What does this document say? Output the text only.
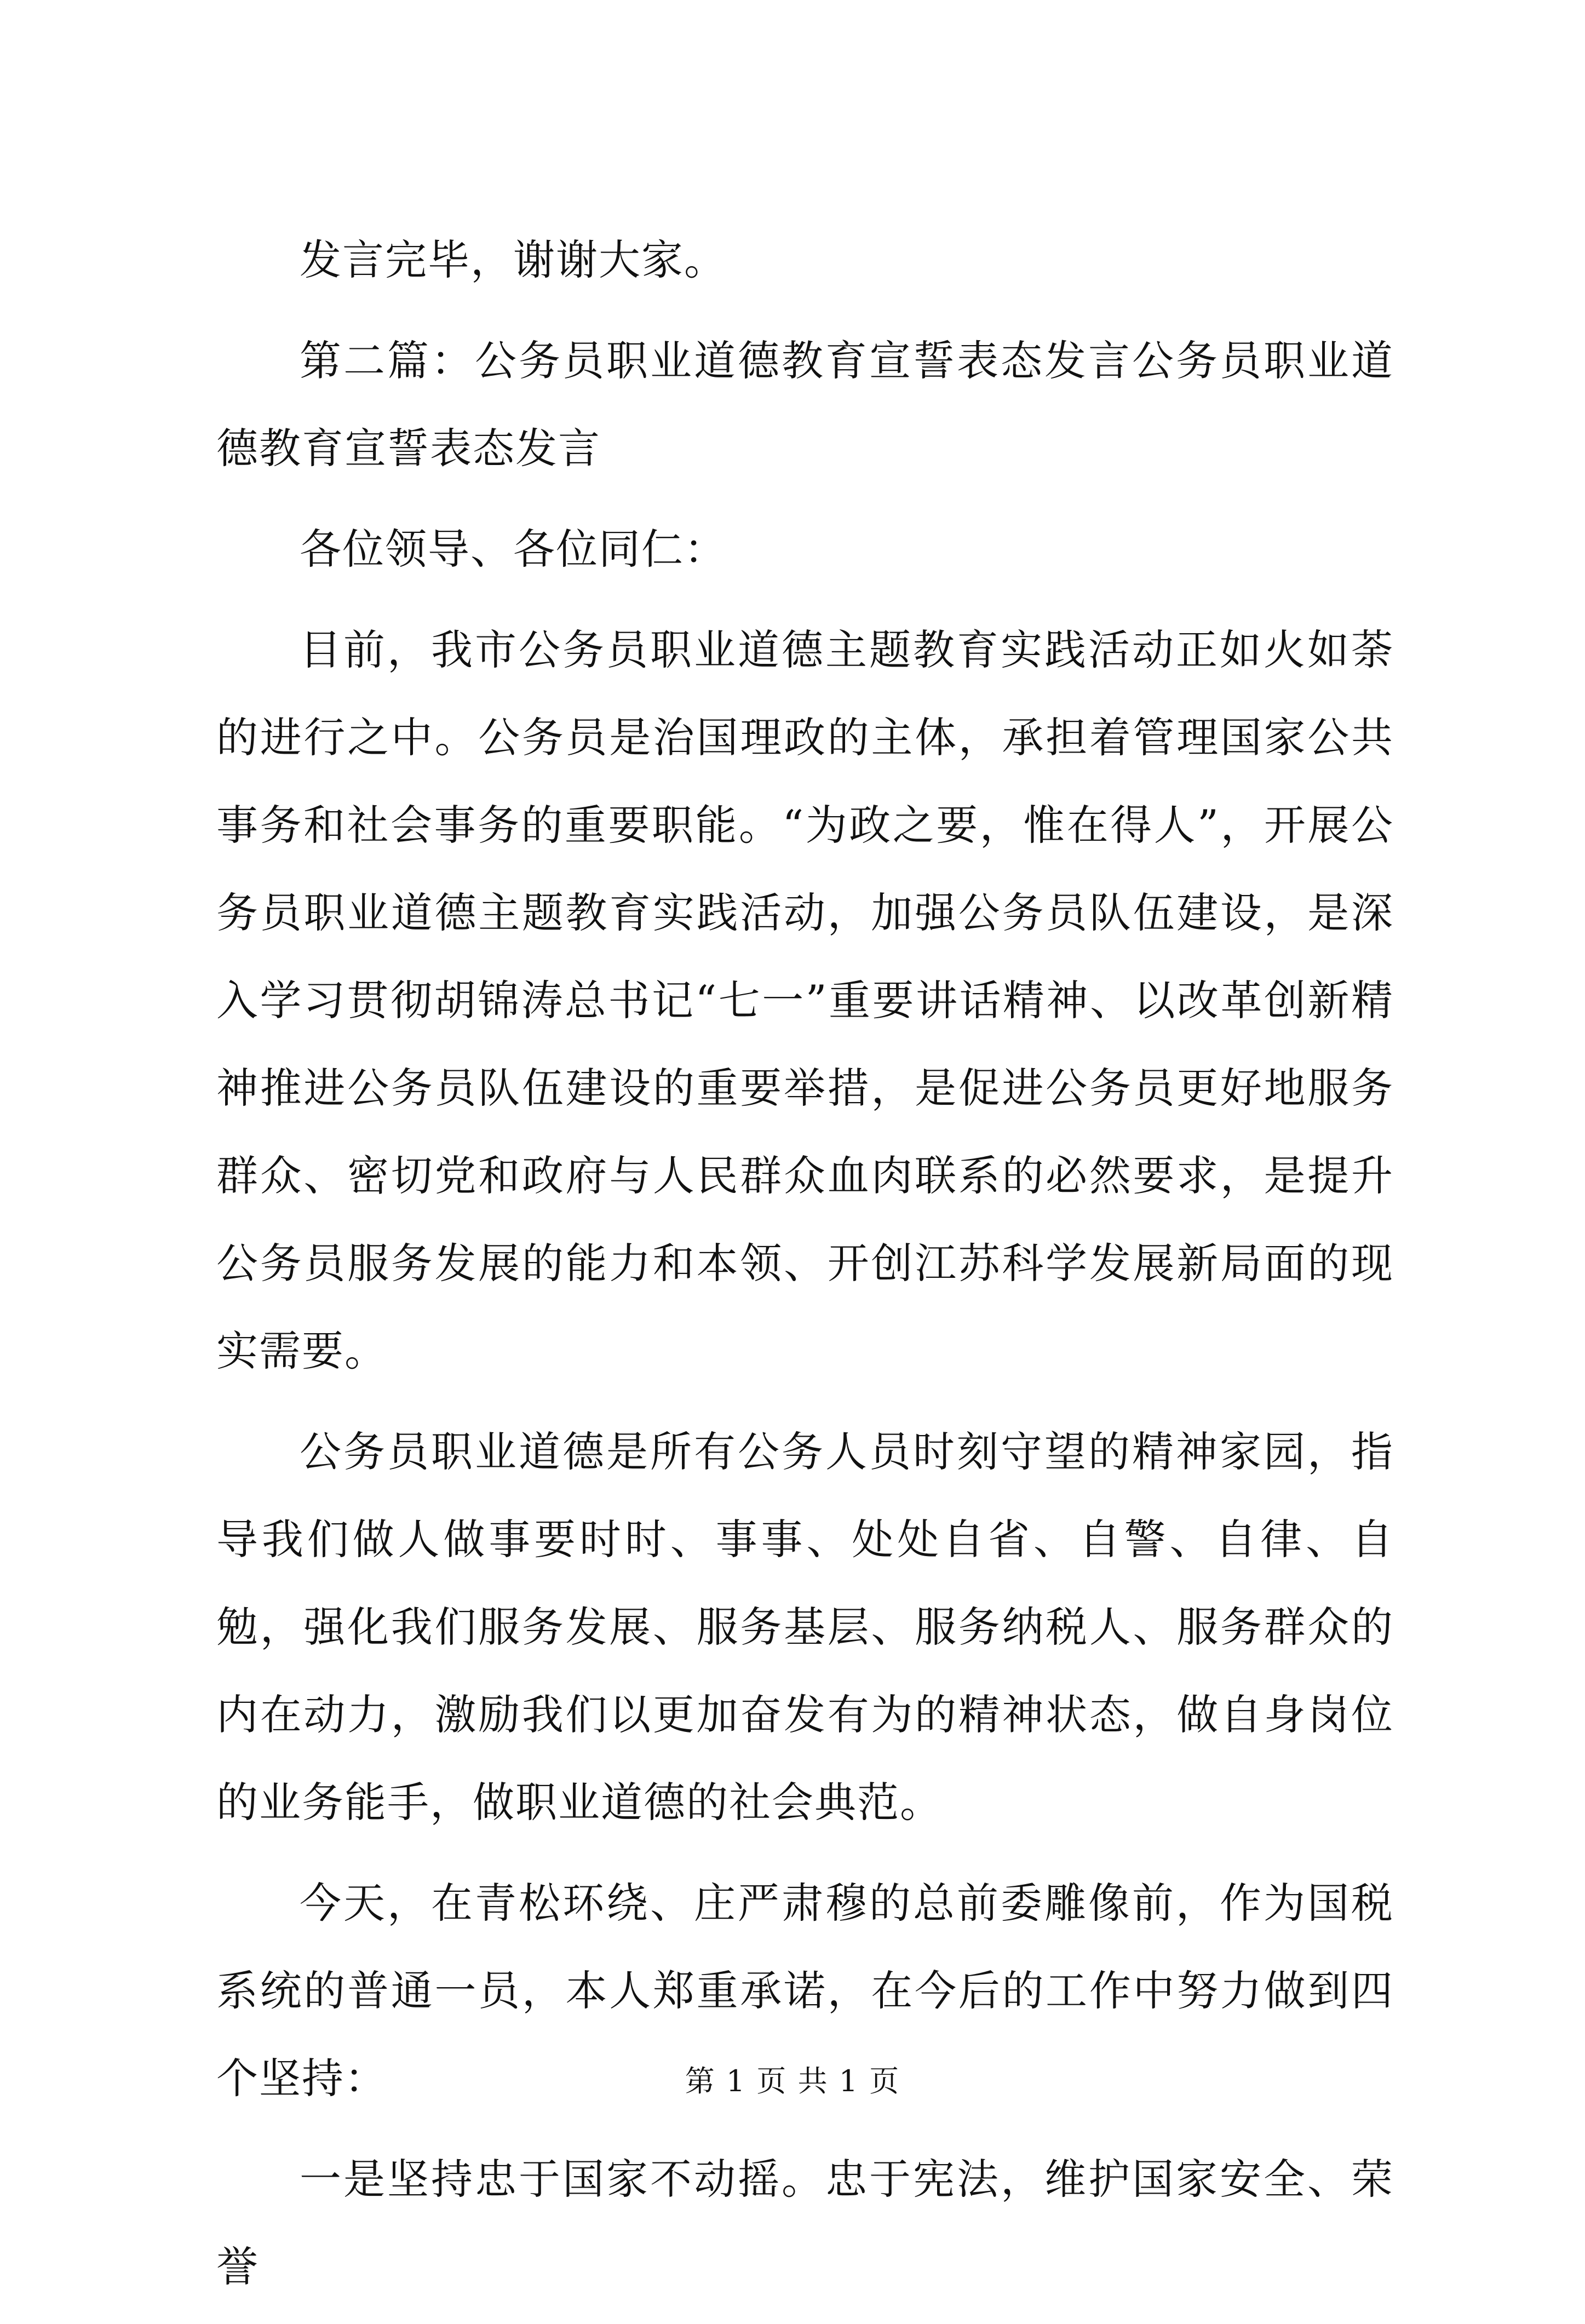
发言完毕，谢谢大家。

第二篇：公务员职业道德教育宣誓表态发言公务员职业道德教育宣誓表态发言

各位领导、各位同仁：

目前，我市公务员职业道德主题教育实践活动正如火如荼的进行之中。公务员是治国理政的主体，承担着管理国家公共事务和社会事务的重要职能。“为政之要，惟在得人”，开展公务员职业道德主题教育实践活动，加强公务员队伍建设，是深入学习贯彻胡锦涛总书记“七一”重要讲话精神、以改革创新精神推进公务员队伍建设的重要举措，是促进公务员更好地服务群众、密切党和政府与人民群众血肉联系的必然要求，是提升公务员服务发展的能力和本领、开创江苏科学发展新局面的现实需要。

公务员职业道德是所有公务人员时刻守望的精神家园，指导我们做人做事要时时、事事、处处自省、自警、自律、自勉，强化我们服务发展、服务基层、服务纳税人、服务群众的内在动力，激励我们以更加奋发有为的精神状态，做自身岗位的业务能手，做职业道德的社会典范。

今天，在青松环绕、庄严肃穆的总前委雕像前，作为国税系统的普通一员，本人郑重承诺，在今后的工作中努力做到四个坚持：

一是坚持忠于国家不动摇。忠于宪法，维护国家安全、荣誉

第 1 页 共 1 页
